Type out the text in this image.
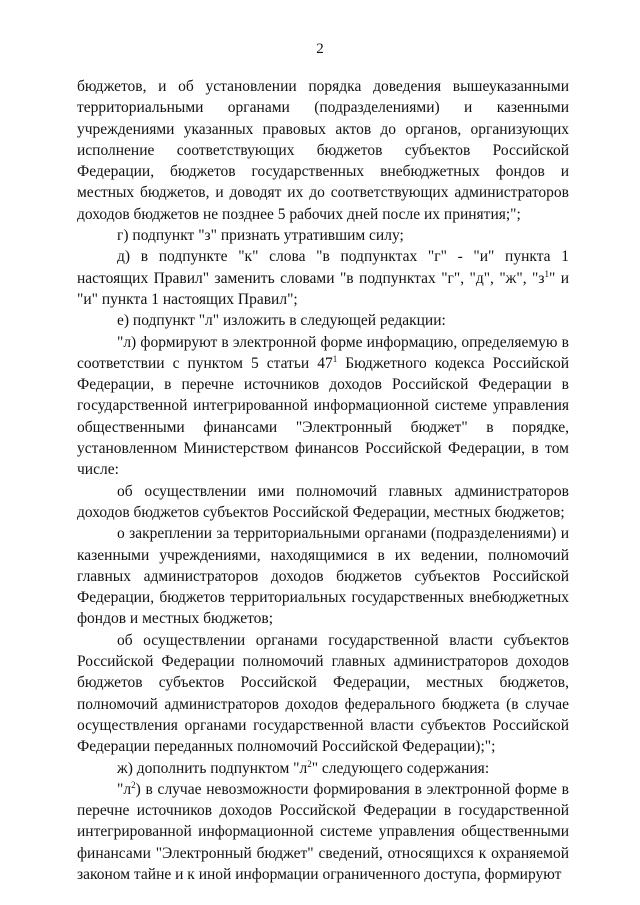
2

бюджетов, и об установлении порядка доведения вышеуказанными территориальными органами (подразделениями) и казенными учреждениями указанных правовых актов до органов, организующих исполнение соответствующих бюджетов субъектов Российской Федерации, бюджетов государственных внебюджетных фондов и местных бюджетов, и доводят их до соответствующих администраторов доходов бюджетов не позднее 5 рабочих дней после их принятия;";

г) подпункт "з" признать утратившим силу;

д) в подпункте "к" слова "в подпунктах "г" - "и" пункта 1 настоящих Правил" заменить словами "в подпунктах "г", "д", "ж", "$з^1$" и "и" пункта 1 настоящих Правил";

е) подпункт "л" изложить в следующей редакции:

"л) формируют в электронной форме информацию, определяемую в соответствии с пунктом 5 статьи $47^1$ Бюджетного кодекса Российской Федерации, в перечне источников доходов Российской Федерации в государственной интегрированной информационной системе управления общественными финансами "Электронный бюджет" в порядке, установленном Министерством финансов Российской Федерации, в том числе:

об осуществлении ими полномочий главных администраторов доходов бюджетов субъектов Российской Федерации, местных бюджетов;

о закреплении за территориальными органами (подразделениями) и казенными учреждениями, находящимися в их ведении, полномочий главных администраторов доходов бюджетов субъектов Российской Федерации, бюджетов территориальных государственных внебюджетных фондов и местных бюджетов;

об осуществлении органами государственной власти субъектов Российской Федерации полномочий главных администраторов доходов бюджетов субъектов Российской Федерации, местных бюджетов, полномочий администраторов доходов федерального бюджета (в случае осуществления органами государственной власти субъектов Российской Федерации переданных полномочий Российской Федерации);";

ж) дополнить подпунктом "$л^2$" следующего содержания:

"$л^2$) в случае невозможности формирования в электронной форме в перечне источников доходов Российской Федерации в государственной интегрированной информационной системе управления общественными финансами "Электронный бюджет" сведений, относящихся к охраняемой законом тайне и к иной информации ограниченного доступа, формируют
